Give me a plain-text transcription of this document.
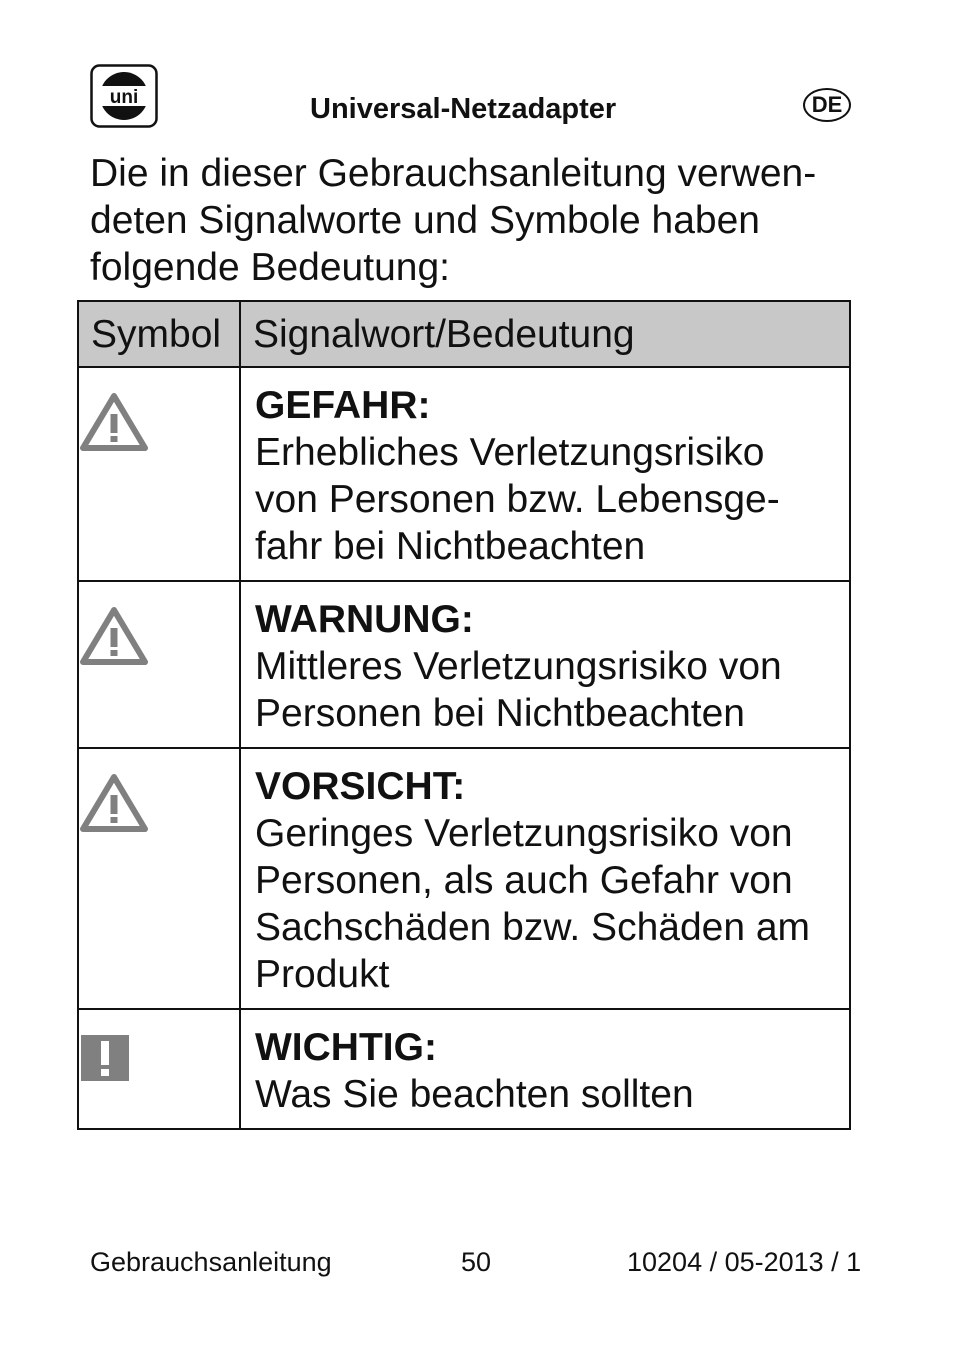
uni	Universal-Netzadapter	DE

Die in dieser Gebrauchsanleitung verwen-deten Signalworte und Symbole haben folgende Bedeutung:

Symbol	Signalwort/Bedeutung

GEFAHR:
Erhebliches Verletzungsrisiko von Personen bzw. Lebensge-fahr bei Nichtbeachten

WARNUNG:
Mittleres Verletzungsrisiko von Personen bei Nichtbeachten

VORSICHT:
Geringes Verletzungsrisiko von Personen, als auch Gefahr von Sachschäden bzw. Schäden am Produkt

WICHTIG:
Was Sie beachten sollten
Gebrauchsanleitung	50	10204 / 05-2013 / 1
